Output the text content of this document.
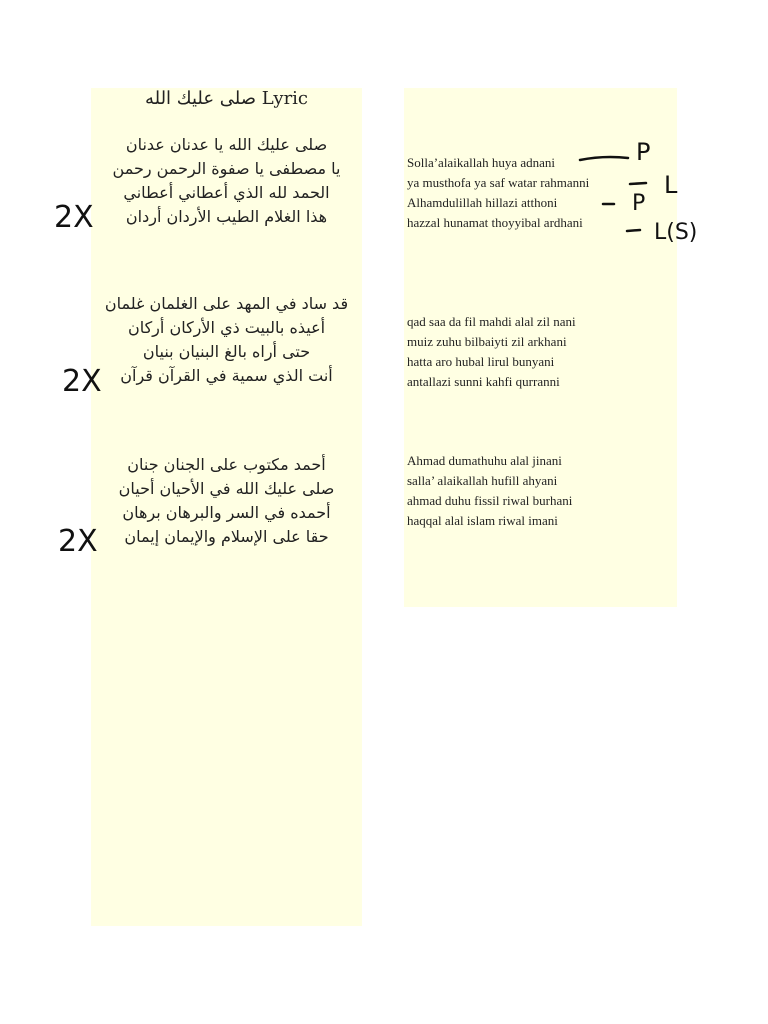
صلى عليك الله Lyric
صلى عليك الله يا عدنان عدنان
يا مصطفى يا صفوة الرحمن رحمن
الحمد لله الذي أعطاني أعطاني
هذا الغلام الطيب الأردان أردان
قد ساد في المهد على الغلمان غلمان
أعيذه بالبيت ذي الأركان أركان
حتى أراه بالغ البنيان بنيان
أنت الذي سمية في القرآن قرآن
أحمد مكتوب على الجنان جنان
صلى عليك الله في الأحيان أحيان
أحمده في السر والبرهان برهان
حقا على الإسلام والإيمان إيمان
2X
2X
2X
Solla’alaikallah huya adnani
ya musthofa ya saf watar rahmanni
Alhamdulillah hillazi atthoni
hazzal hunamat thoyyibal ardhani
qad saa da fil mahdi alal zil nani
muiz zuhu bilbaiyti zil arkhani
hatta aro hubal lirul bunyani
antallazi sunni kahfi qurranni
Ahmad dumathuhu alal jinani
salla’ alaikallah hufill ahyani
ahmad duhu fissil riwal burhani
haqqal alal islam riwal imani
P
L
P
L(S)
